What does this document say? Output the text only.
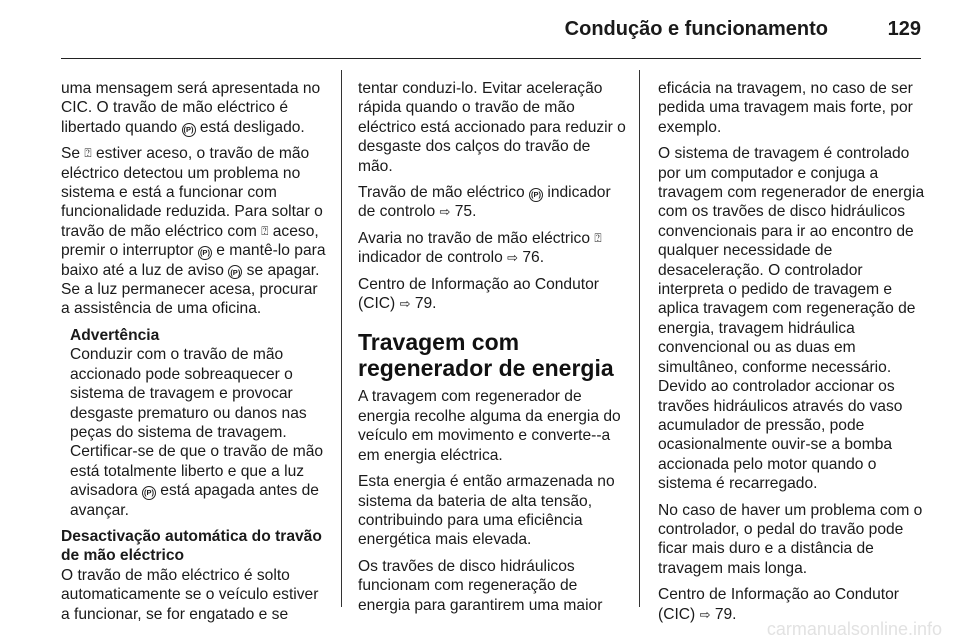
Condução e funcionamento	129

uma mensagem será apresentada no CIC. O travão de mão eléctrico é libertado quando (P) está desligado.

Se ⍰ estiver aceso, o travão de mão eléctrico detectou um problema no sistema e está a funcionar com funcionalidade reduzida. Para soltar o travão de mão eléctrico com ⍰ aceso, premir o interruptor (P) e mantê-lo para baixo até a luz de aviso (P) se apagar. Se a luz permanecer acesa, procurar a assistência de uma oficina.

Advertência

Conduzir com o travão de mão accionado pode sobreaquecer o sistema de travagem e provocar desgaste prematuro ou danos nas peças do sistema de travagem. Certificar-se de que o travão de mão está totalmente liberto e que a luz avisadora (P) está apagada antes de avançar.

Desactivação automática do travão de mão eléctrico

O travão de mão eléctrico é solto automaticamente se o veículo estiver a funcionar, se for engatado e se

tentar conduzi-lo. Evitar aceleração rápida quando o travão de mão eléctrico está accionado para reduzir o desgaste dos calços do travão de mão.

Travão de mão eléctrico (P) indicador de controlo ⇨ 75.

Avaria no travão de mão eléctrico ⍰ indicador de controlo ⇨ 76.

Centro de Informação ao Condutor (CIC) ⇨ 79.

Travagem com regenerador de energia

A travagem com regenerador de energia recolhe alguma da energia do veículo em movimento e converte--a em energia eléctrica.

Esta energia é então armazenada no sistema da bateria de alta tensão, contribuindo para uma eficiência energética mais elevada.

Os travões de disco hidráulicos funcionam com regeneração de energia para garantirem uma maior

eficácia na travagem, no caso de ser pedida uma travagem mais forte, por exemplo.

O sistema de travagem é controlado por um computador e conjuga a travagem com regenerador de energia com os travões de disco hidráulicos convencionais para ir ao encontro de qualquer necessidade de desaceleração. O controlador interpreta o pedido de travagem e aplica travagem com regeneração de energia, travagem hidráulica convencional ou as duas em simultâneo, conforme necessário. Devido ao controlador accionar os travões hidráulicos através do vaso acumulador de pressão, pode ocasionalmente ouvir-se a bomba accionada pelo motor quando o sistema é recarregado.

No caso de haver um problema com o controlador, o pedal do travão pode ficar mais duro e a distância de travagem mais longa.

Centro de Informação ao Condutor (CIC) ⇨ 79.

carmanualsonline.info
